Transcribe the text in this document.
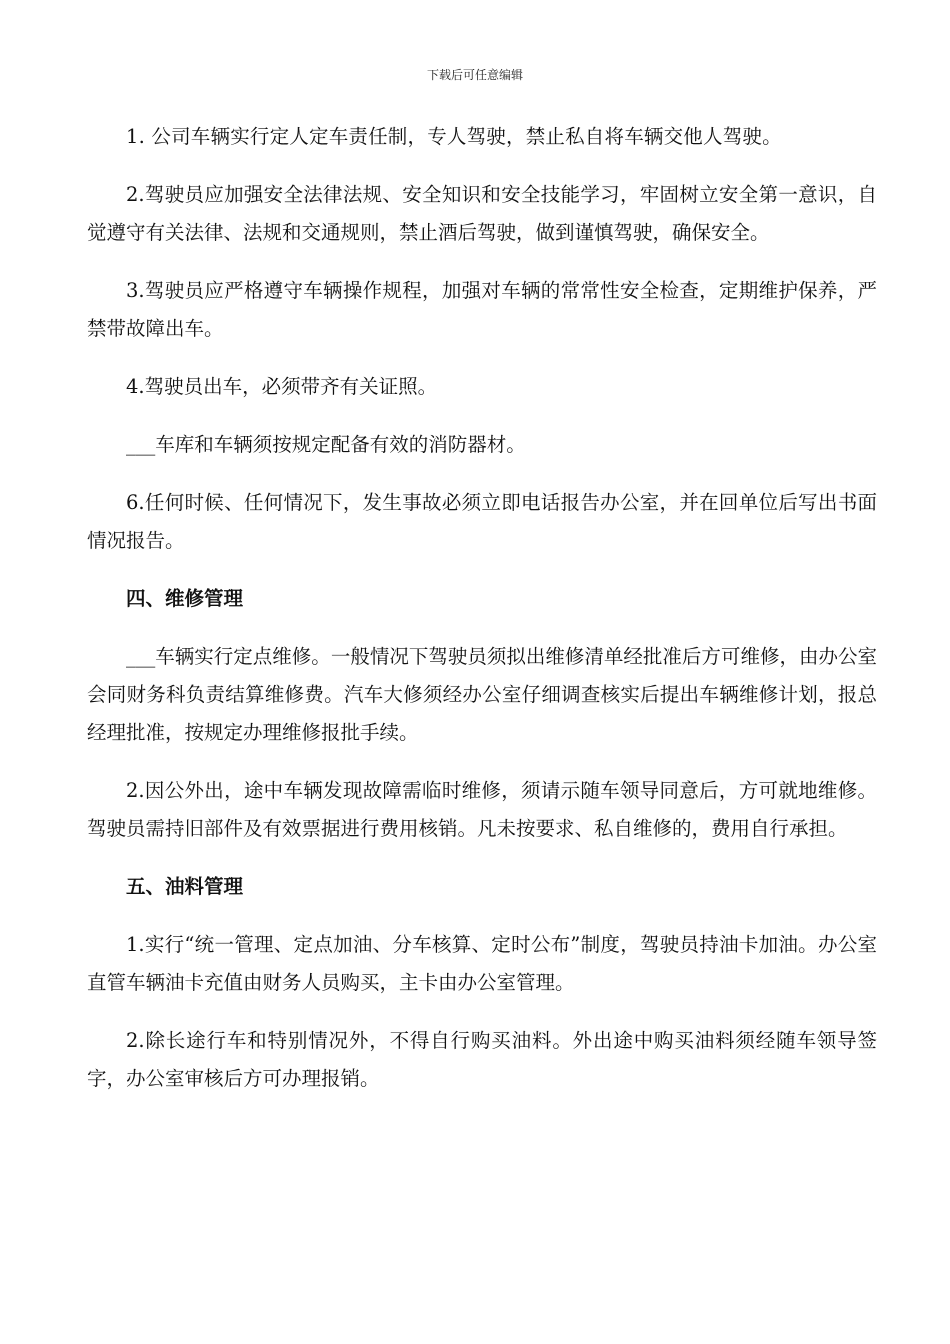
下载后可任意编辑

1. 公司车辆实行定人定车责任制，专人驾驶，禁止私自将车辆交他人驾驶。

2.驾驶员应加强安全法律法规、安全知识和安全技能学习，牢固树立安全第一意识，自觉遵守有关法律、法规和交通规则，禁止酒后驾驶，做到谨慎驾驶，确保安全。

3.驾驶员应严格遵守车辆操作规程，加强对车辆的常常性安全检查，定期维护保养，严禁带故障出车。

4.驾驶员出车，必须带齐有关证照。

___车库和车辆须按规定配备有效的消防器材。

6.任何时候、任何情况下，发生事故必须立即电话报告办公室，并在回单位后写出书面情况报告。

四、维修管理

___车辆实行定点维修。一般情况下驾驶员须拟出维修清单经批准后方可维修，由办公室会同财务科负责结算维修费。汽车大修须经办公室仔细调查核实后提出车辆维修计划，报总经理批准，按规定办理维修报批手续。

2.因公外出，途中车辆发现故障需临时维修，须请示随车领导同意后，方可就地维修。驾驶员需持旧部件及有效票据进行费用核销。凡未按要求、私自维修的，费用自行承担。

五、油料管理

1.实行“统一管理、定点加油、分车核算、定时公布”制度，驾驶员持油卡加油。办公室直管车辆油卡充值由财务人员购买，主卡由办公室管理。

2.除长途行车和特别情况外，不得自行购买油料。外出途中购买油料须经随车领导签字，办公室审核后方可办理报销。
